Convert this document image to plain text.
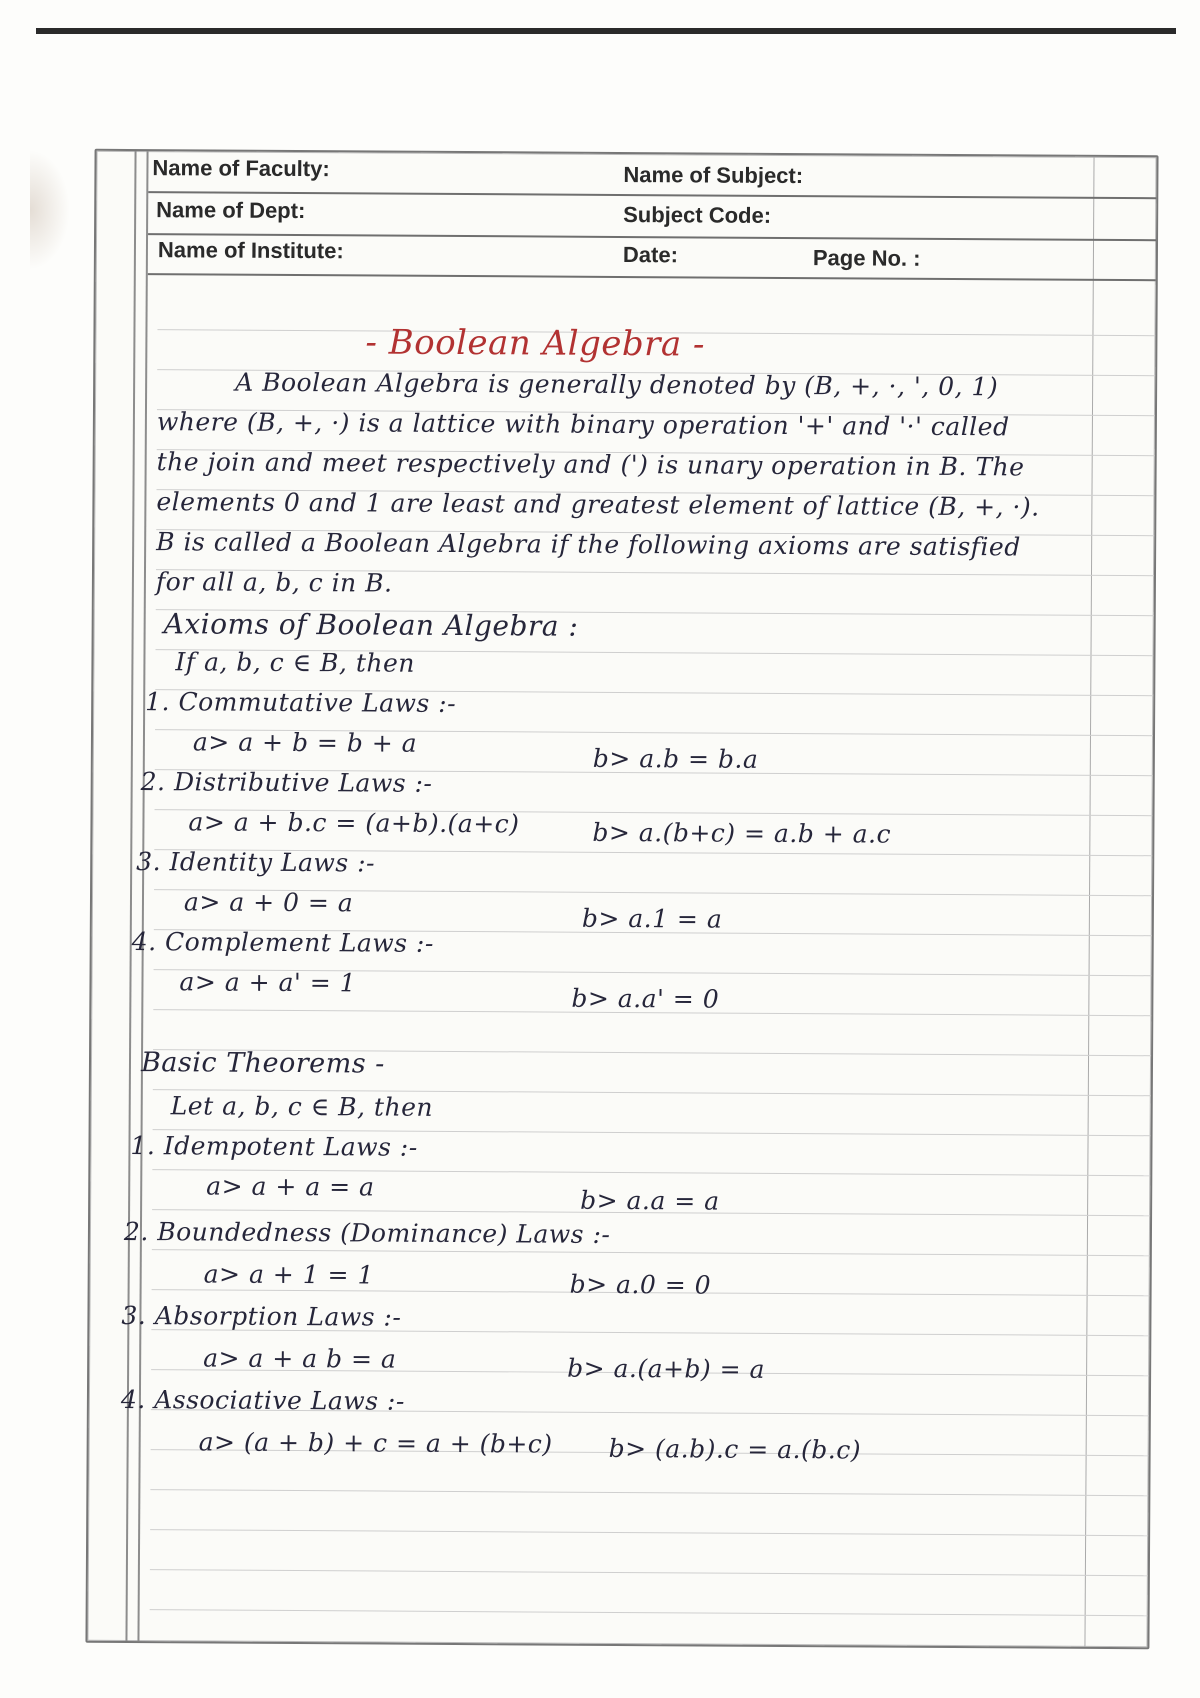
Name of Faculty:	Name of Subject:
Name of Dept:	Subject Code:
Name of Institute:	Date:	Page No. :
- Boolean Algebra -
A Boolean Algebra is generally denoted by (B, +, ·, ', 0, 1)
where (B, +, ·) is a lattice with binary operation '+' and '·' called
the join and meet respectively and (') is unary operation in B. The
elements 0 and 1 are least and greatest element of lattice (B, +, ·).
B is called a Boolean Algebra if the following axioms are satisfied
for all a, b, c in B.
Axioms of Boolean Algebra :
If a, b, c ∈ B, then
1. Commutative Laws :-
a> a + b = b + a
b> a.b = b.a
2. Distributive Laws :-
a> a + b.c = (a+b).(a+c)	b> a.(b+c) = a.b + a.c
3. Identity Laws :-
a> a + 0 = a
b> a.1 = a
4. Complement Laws :-
a> a + a' = 1
b> a.a' = 0
Basic Theorems -
Let a, b, c ∈ B, then
1. Idempotent Laws :-
a> a + a = a	b> a.a = a
2. Boundedness (Dominance) Laws :-
a> a + 1 = 1	b> a.0 = 0
3. Absorption Laws :-
a> a + a b = a	b> a.(a+b) = a
4. Associative Laws :-
a> (a + b) + c = a + (b+c) b> (a.b).c = a.(b.c)
